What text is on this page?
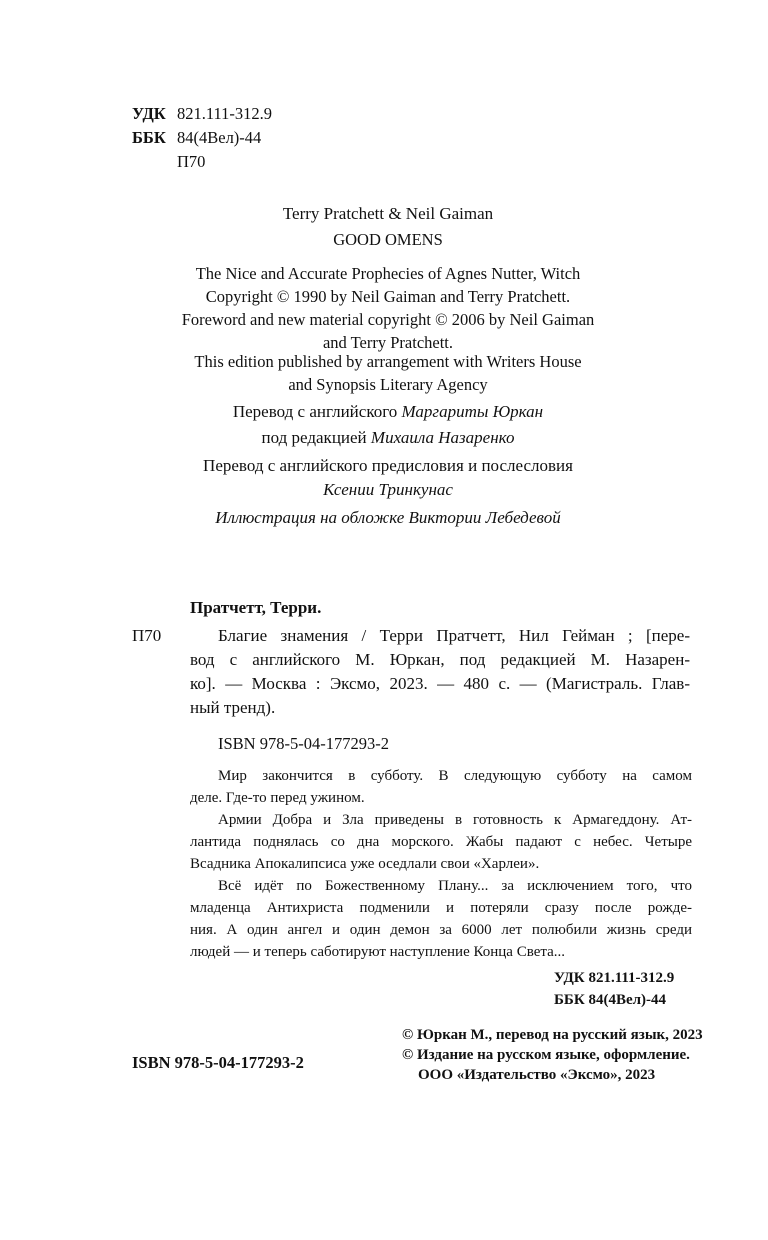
УДК 821.111-312.9
ББК 84(4Вел)-44
П70
Terry Pratchett & Neil Gaiman
GOOD OMENS
The Nice and Accurate Prophecies of Agnes Nutter, Witch
Copyright © 1990 by Neil Gaiman and Terry Pratchett.
Foreword and new material copyright © 2006 by Neil Gaiman
and Terry Pratchett.
This edition published by arrangement with Writers House
and Synopsis Literary Agency
Перевод с английского Маргариты Юркан
под редакцией Михаила Назаренко
Перевод с английского предисловия и послесловия
Ксении Тринкунас
Иллюстрация на обложке Виктории Лебедевой
Пратчетт, Терри.
П70	Благие знамения / Терри Пратчетт, Нил Гейман ; [пере-
вод с английского М. Юркан, под редакцией М. Назарен-
ко]. — Москва : Эксмо, 2023. — 480 с. — (Магистраль. Глав-
ный тренд).
ISBN 978-5-04-177293-2
Мир закончится в субботу. В следующую субботу на самом
деле. Где-то перед ужином.
Армии Добра и Зла приведены в готовность к Армагеддону. Ат-
лантида поднялась со дна морского. Жабы падают с небес. Четыре
Всадника Апокалипсиса уже оседлали свои «Харлеи».
Всё идёт по Божественному Плану... за исключением того, что
младенца Антихриста подменили и потеряли сразу после рожде-
ния. А один ангел и один демон за 6000 лет полюбили жизнь среди
людей — и теперь саботируют наступление Конца Света...
УДК 821.111-312.9
ББК 84(4Вел)-44
ISBN 978-5-04-177293-2
© Юркан М., перевод на русский язык, 2023
© Издание на русском языке, оформление.
ООО «Издательство «Эксмо», 2023
